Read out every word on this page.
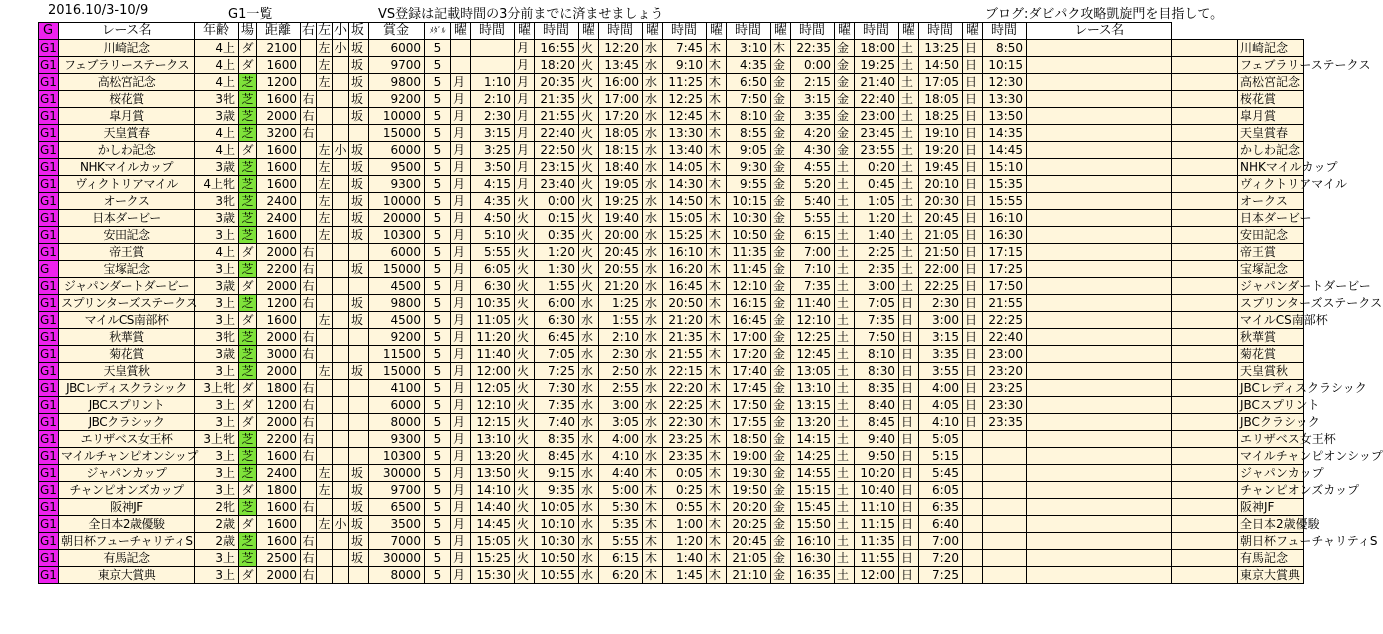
2016.10/3-10/9	G1一覧	VS登録は記載時間の3分前までに済ませましょう	ブログ:ダビパク攻略凱旋門を目指して。
G	レース名	年齢	場	距離	右	左	小	坂	賞金	ﾒﾀﾞﾙ	曜	時間	曜	時間	曜	時間	曜	時間	曜	時間	曜	時間	曜	時間	曜	時間	曜	時間	レース名		
G1	川崎記念	4上	ダ	2100		左	小	坂	6000	5			月	16:55	火	12:20	水	7:45	木	3:10	木	22:35	金	18:00	土	13:25	日	8:50			川崎記念
G1	フェブラリーステークス	4上	ダ	1600		左		坂	9700	5			月	18:20	火	13:45	水	9:10	木	4:35	金	0:00	金	19:25	土	14:50	日	10:15			フェブラリーステークス
G1	高松宮記念	4上	芝	1200		左		坂	9800	5	月	1:10	月	20:35	火	16:00	水	11:25	木	6:50	金	2:15	金	21:40	土	17:05	日	12:30			高松宮記念
G1	桜花賞	3牝	芝	1600	右			坂	9200	5	月	2:10	月	21:35	火	17:00	水	12:25	木	7:50	金	3:15	金	22:40	土	18:05	日	13:30			桜花賞
G1	皐月賞	3歳	芝	2000	右			坂	10000	5	月	2:30	月	21:55	火	17:20	水	12:45	木	8:10	金	3:35	金	23:00	土	18:25	日	13:50			皐月賞
G1	天皇賞春	4上	芝	3200	右				15000	5	月	3:15	月	22:40	火	18:05	水	13:30	木	8:55	金	4:20	金	23:45	土	19:10	日	14:35			天皇賞春
G1	かしわ記念	4上	ダ	1600		左	小	坂	6000	5	月	3:25	月	22:50	火	18:15	水	13:40	木	9:05	金	4:30	金	23:55	土	19:20	日	14:45			かしわ記念
G1	NHKマイルカップ	3歳	芝	1600		左		坂	9500	5	月	3:50	月	23:15	火	18:40	水	14:05	木	9:30	金	4:55	土	0:20	土	19:45	日	15:10			NHKマイルカップ
G1	ヴィクトリアマイル	4上牝	芝	1600		左		坂	9300	5	月	4:15	月	23:40	火	19:05	水	14:30	木	9:55	金	5:20	土	0:45	土	20:10	日	15:35			ヴィクトリアマイル
G1	オークス	3牝	芝	2400		左		坂	10000	5	月	4:35	火	0:00	火	19:25	水	14:50	木	10:15	金	5:40	土	1:05	土	20:30	日	15:55			オークス
G1	日本ダービー	3歳	芝	2400		左		坂	20000	5	月	4:50	火	0:15	火	19:40	水	15:05	木	10:30	金	5:55	土	1:20	土	20:45	日	16:10			日本ダービー
G1	安田記念	3上	芝	1600		左		坂	10300	5	月	5:10	火	0:35	火	20:00	水	15:25	木	10:50	金	6:15	土	1:40	土	21:05	日	16:30			安田記念
G1	帝王賞	4上	ダ	2000	右				6000	5	月	5:55	火	1:20	火	20:45	水	16:10	木	11:35	金	7:00	土	2:25	土	21:50	日	17:15			帝王賞
G	宝塚記念	3上	芝	2200	右			坂	15000	5	月	6:05	火	1:30	火	20:55	水	16:20	木	11:45	金	7:10	土	2:35	土	22:00	日	17:25			宝塚記念
G1	ジャパンダートダービー	3歳	ダ	2000	右				4500	5	月	6:30	火	1:55	火	21:20	水	16:45	木	12:10	金	7:35	土	3:00	土	22:25	日	17:50			ジャパンダートダービー
G1	スプリンターズステークス	3上	芝	1200	右			坂	9800	5	月	10:35	火	6:00	水	1:25	水	20:50	木	16:15	金	11:40	土	7:05	日	2:30	日	21:55			スプリンターズステークス
G1	マイルCS南部杯	3上	ダ	1600		左		坂	4500	5	月	11:05	火	6:30	水	1:55	水	21:20	木	16:45	金	12:10	土	7:35	日	3:00	日	22:25			マイルCS南部杯
G1	秋華賞	3牝	芝	2000	右				9200	5	月	11:20	火	6:45	水	2:10	水	21:35	木	17:00	金	12:25	土	7:50	日	3:15	日	22:40			秋華賞
G1	菊花賞	3歳	芝	3000	右				11500	5	月	11:40	火	7:05	水	2:30	水	21:55	木	17:20	金	12:45	土	8:10	日	3:35	日	23:00			菊花賞
G1	天皇賞秋	3上	芝	2000		左		坂	15000	5	月	12:00	火	7:25	水	2:50	水	22:15	木	17:40	金	13:05	土	8:30	日	3:55	日	23:20			天皇賞秋
G1	JBCレディスクラシック	3上牝	ダ	1800	右				4100	5	月	12:05	火	7:30	水	2:55	水	22:20	木	17:45	金	13:10	土	8:35	日	4:00	日	23:25			JBCレディスクラシック
G1	JBCスプリント	3上	ダ	1200	右				6000	5	月	12:10	火	7:35	水	3:00	水	22:25	木	17:50	金	13:15	土	8:40	日	4:05	日	23:30			JBCスプリント
G1	JBCクラシック	3上	ダ	2000	右				8000	5	月	12:15	火	7:40	水	3:05	水	22:30	木	17:55	金	13:20	土	8:45	日	4:10	日	23:35			JBCクラシック
G1	エリザベス女王杯	3上牝	芝	2200	右				9300	5	月	13:10	火	8:35	水	4:00	水	23:25	木	18:50	金	14:15	土	9:40	日	5:05					エリザベス女王杯
G1	マイルチャンピオンシップ	3上	芝	1600	右				10300	5	月	13:20	火	8:45	水	4:10	水	23:35	木	19:00	金	14:25	土	9:50	日	5:15					マイルチャンピオンシップ
G1	ジャパンカップ	3上	芝	2400		左		坂	30000	5	月	13:50	火	9:15	水	4:40	木	0:05	木	19:30	金	14:55	土	10:20	日	5:45					ジャパンカップ
G1	チャンピオンズカップ	3上	ダ	1800		左		坂	9700	5	月	14:10	火	9:35	水	5:00	木	0:25	木	19:50	金	15:15	土	10:40	日	6:05					チャンピオンズカップ
G1	阪神JF	2牝	芝	1600	右			坂	6500	5	月	14:40	火	10:05	水	5:30	木	0:55	木	20:20	金	15:45	土	11:10	日	6:35					阪神JF
G1	全日本2歳優駿	2歳	ダ	1600		左	小	坂	3500	5	月	14:45	火	10:10	水	5:35	木	1:00	木	20:25	金	15:50	土	11:15	日	6:40					全日本2歳優駿
G1	朝日杯フューチャリティS	2歳	芝	1600	右			坂	7000	5	月	15:05	火	10:30	水	5:55	木	1:20	木	20:45	金	16:10	土	11:35	日	7:00					朝日杯フューチャリティS
G1	有馬記念	3上	芝	2500	右			坂	30000	5	月	15:25	火	10:50	水	6:15	木	1:40	木	21:05	金	16:30	土	11:55	日	7:20					有馬記念
G1	東京大賞典	3上	ダ	2000	右				8000	5	月	15:30	火	10:55	水	6:20	木	1:45	木	21:10	金	16:35	土	12:00	日	7:25					東京大賞典
